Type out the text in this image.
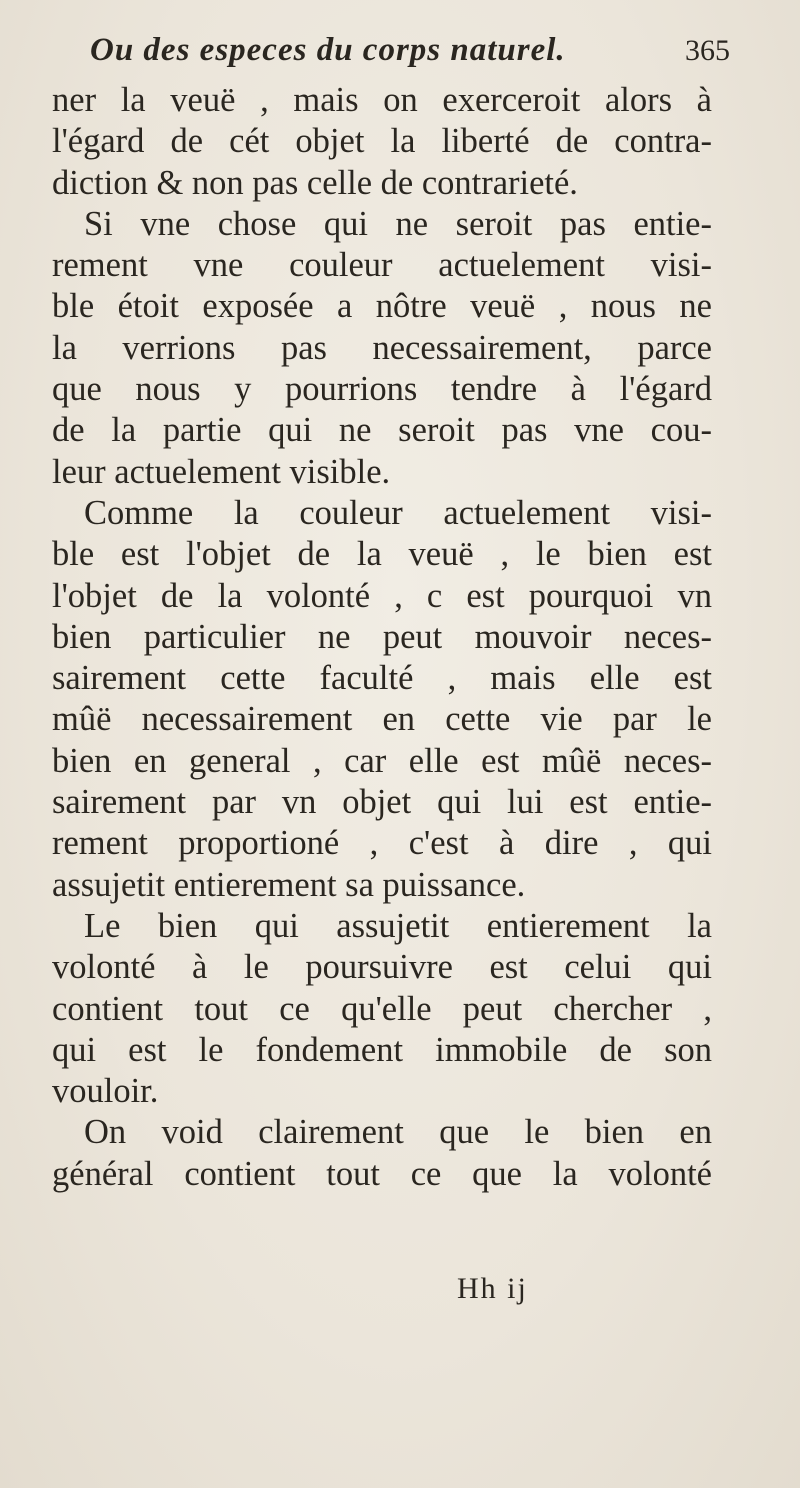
Ou des especes du corps naturel.	365
ner la veuë , mais on exerceroit alors à
l'égard de cét objet la liberté de contra-
diction & non pas celle de contrarieté.
Si vne chose qui ne seroit pas entie-
rement vne couleur actuelement visi-
ble étoit exposée a nôtre veuë , nous ne
la verrions pas necessairement, parce
que nous y pourrions tendre à l'égard
de la partie qui ne seroit pas vne cou-
leur actuelement visible.
Comme la couleur actuelement visi-
ble est l'objet de la veuë , le bien est
l'objet de la volonté , c est pourquoi vn
bien particulier ne peut mouvoir neces-
sairement cette faculté , mais elle est
mûë necessairement en cette vie par le
bien en general , car elle est mûë neces-
sairement par vn objet qui lui est entie-
rement proportioné , c'est à dire , qui
assujetit entierement sa puissance.
Le bien qui assujetit entierement la
volonté à le poursuivre est celui qui
contient tout ce qu'elle peut chercher ,
qui est le fondement immobile de son
vouloir.
On void clairement que le bien en
général contient tout ce que la volonté
Hh ij
